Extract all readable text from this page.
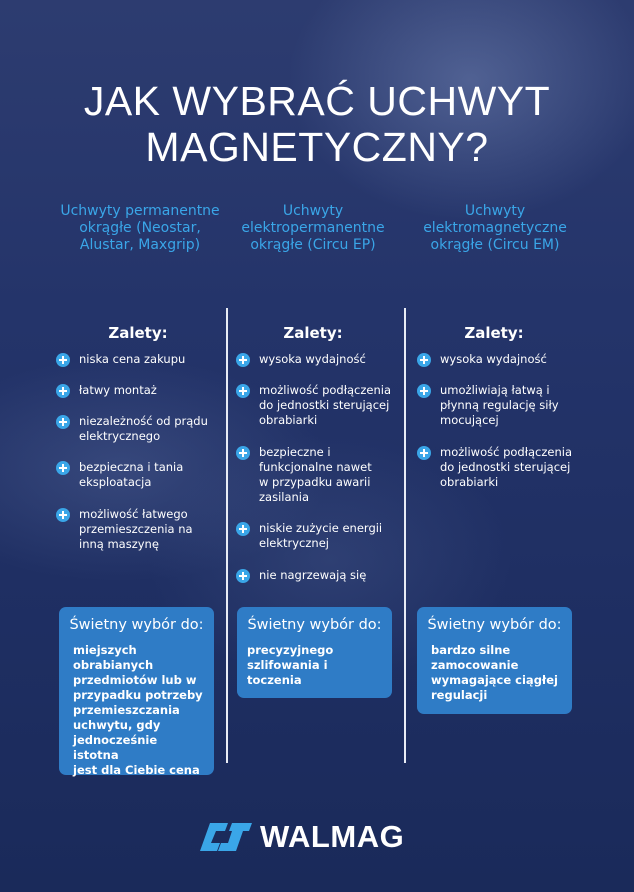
JAK WYBRAĆ UCHWYT
MAGNETYCZNY?
Uchwyty permanentne
okrągłe (Neostar,
Alustar, Maxgrip)
Uchwyty
elektropermanentne
okrągłe (Circu EP)
Uchwyty
elektromagnetyczne
okrągłe (Circu EM)
Zalety:	Zalety:	Zalety:
niska cena zakupu
łatwy montaż
niezależność od prądu
elektrycznego
bezpieczna i tania
eksploatacja
możliwość łatwego
przemieszczenia na
inną maszynę
wysoka wydajność
możliwość podłączenia
do jednostki sterującej
obrabiarki
bezpieczne i
funkcjonalne nawet
w przypadku awarii
zasilania
niskie zużycie energii
elektrycznej
nie nagrzewają się
wysoka wydajność
umożliwiają łatwą i
płynną regulację siły
mocującej
możliwość podłączenia
do jednostki sterującej
obrabiarki
Świetny wybór do:
miejszych
obrabianych
przedmiotów lub w
przypadku potrzeby
przemieszczania
uchwytu, gdy
jednocześnie istotna
jest dla Ciebie cena
Świetny wybór do:
precyzyjnego
szlifowania i toczenia
Świetny wybór do:
bardzo silne
zamocowanie
wymagające ciągłej
regulacji
WALMAG
